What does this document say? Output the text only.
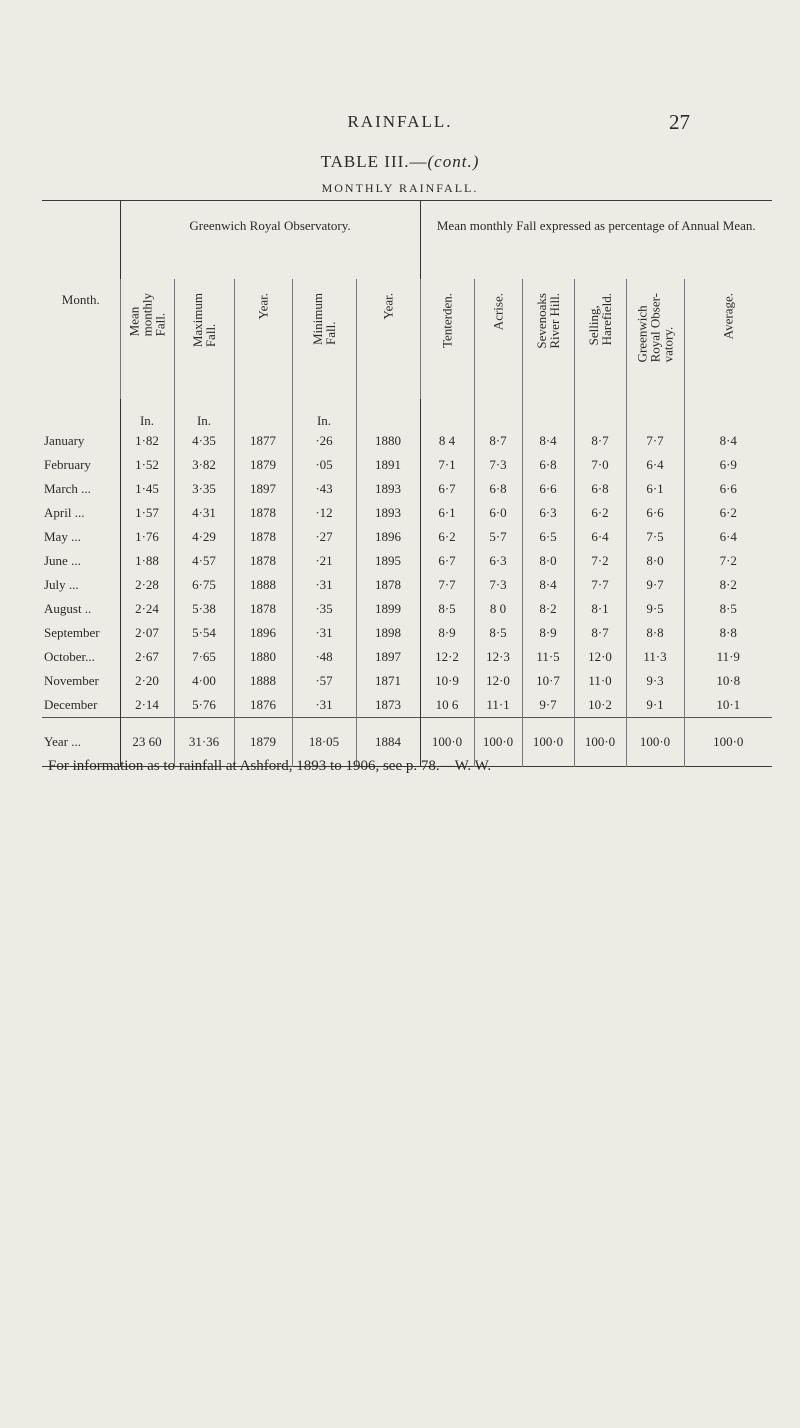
RAINFALL.	27
TABLE III.—(cont.)
MONTHLY RAINFALL.

Month.	Greenwich Royal Observatory.					Mean monthly Fall expressed as percentage of Annual Mean.					

	Mean
monthly
Fall.	Maximum
Fall.	Year.	Minimum
Fall.	Year.	Tenterden.	Acrise.	Sevenoaks
River Hill.	Selling,
Harefield.	Greenwich
Royal Obser-
vatory.	Average.

	In.	In.		In.							
January	1·82	4·35	1877	·26	1880	8 4	8·7	8·4	8·7	7·7	8·4
February	1·52	3·82	1879	·05	1891	7·1	7·3	6·8	7·0	6·4	6·9
March ...	1·45	3·35	1897	·43	1893	6·7	6·8	6·6	6·8	6·1	6·6
April ...	1·57	4·31	1878	·12	1893	6·1	6·0	6·3	6·2	6·6	6·2
May ...	1·76	4·29	1878	·27	1896	6·2	5·7	6·5	6·4	7·5	6·4
June ...	1·88	4·57	1878	·21	1895	6·7	6·3	8·0	7·2	8·0	7·2
July ...	2·28	6·75	1888	·31	1878	7·7	7·3	8·4	7·7	9·7	8·2
August ..	2·24	5·38	1878	·35	1899	8·5	8 0	8·2	8·1	9·5	8·5
September	2·07	5·54	1896	·31	1898	8·9	8·5	8·9	8·7	8·8	8·8
October...	2·67	7·65	1880	·48	1897	12·2	12·3	11·5	12·0	11·3	11·9
November	2·20	4·00	1888	·57	1871	10·9	12·0	10·7	11·0	9·3	10·8
December	2·14	5·76	1876	·31	1873	10 6	11·1	9·7	10·2	9·1	10·1
Year ...	23 60	31·36	1879	18·05	1884	100·0	100·0	100·0	100·0	100·0	100·0

For information as to rainfall at Ashford, 1893 to 1906, see p. 78.—W. W.
